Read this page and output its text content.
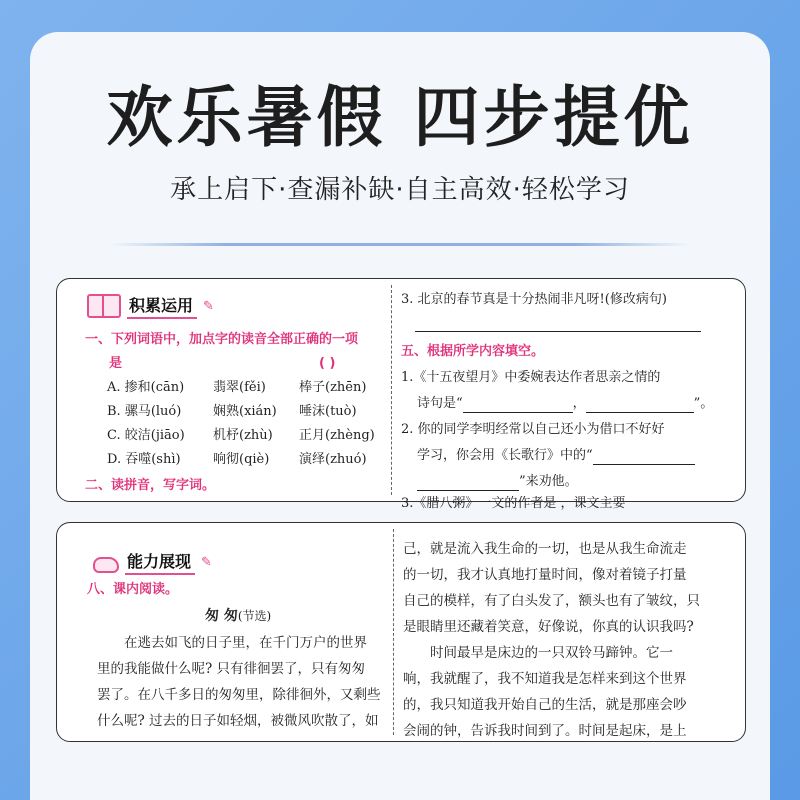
欢乐暑假 四步提优
承上启下·查漏补缺·自主高效·轻松学习
积累运用 ✎
一、下列词语中，加点字的读音全部正确的一项
是	( )
A. 掺和(cān) 翡翠(fěi)	棒子(zhēn)
B. 骡马(luó) 娴熟(xián) 唾沫(tuò)
C. 皎洁(jiāo) 机杼(zhù) 正月(zhèng)
D. 吞噬(shì) 响彻(qiè) 演绎(zhuó)
二、读拼音，写字词。
3. 北京的春节真是十分热闹非凡呀!(修改病句)
五、根据所学内容填空。
1.《十五夜望月》中委婉表达作者思亲之情的
诗句是“	，	”。
2. 你的同学李明经常以自己还小为借口不好好
学习，你会用《长歌行》中的“
”来劝他。
3.《腊八粥》一文的作者是 ，课文主要
能力展现 ✎
八、课内阅读。
匆 匆(节选)
　　在逃去如飞的日子里，在千门万户的世界
里的我能做什么呢? 只有徘徊罢了，只有匆匆
罢了。在八千多日的匆匆里，除徘徊外，又剩些
什么呢? 过去的日子如轻烟，被微风吹散了，如
己，就是流入我生命的一切，也是从我生命流走
的一切，我才认真地打量时间，像对着镜子打量
自己的模样，有了白头发了，额头也有了皱纹，只
是眼睛里还藏着笑意，好像说，你真的认识我吗?
　　时间最早是床边的一只双铃马蹄钟。它一
响，我就醒了，我不知道我是怎样来到这个世界
的，我只知道我开始自己的生活，就是那座会吵
会闹的钟，告诉我时间到了。时间是起床，是上
